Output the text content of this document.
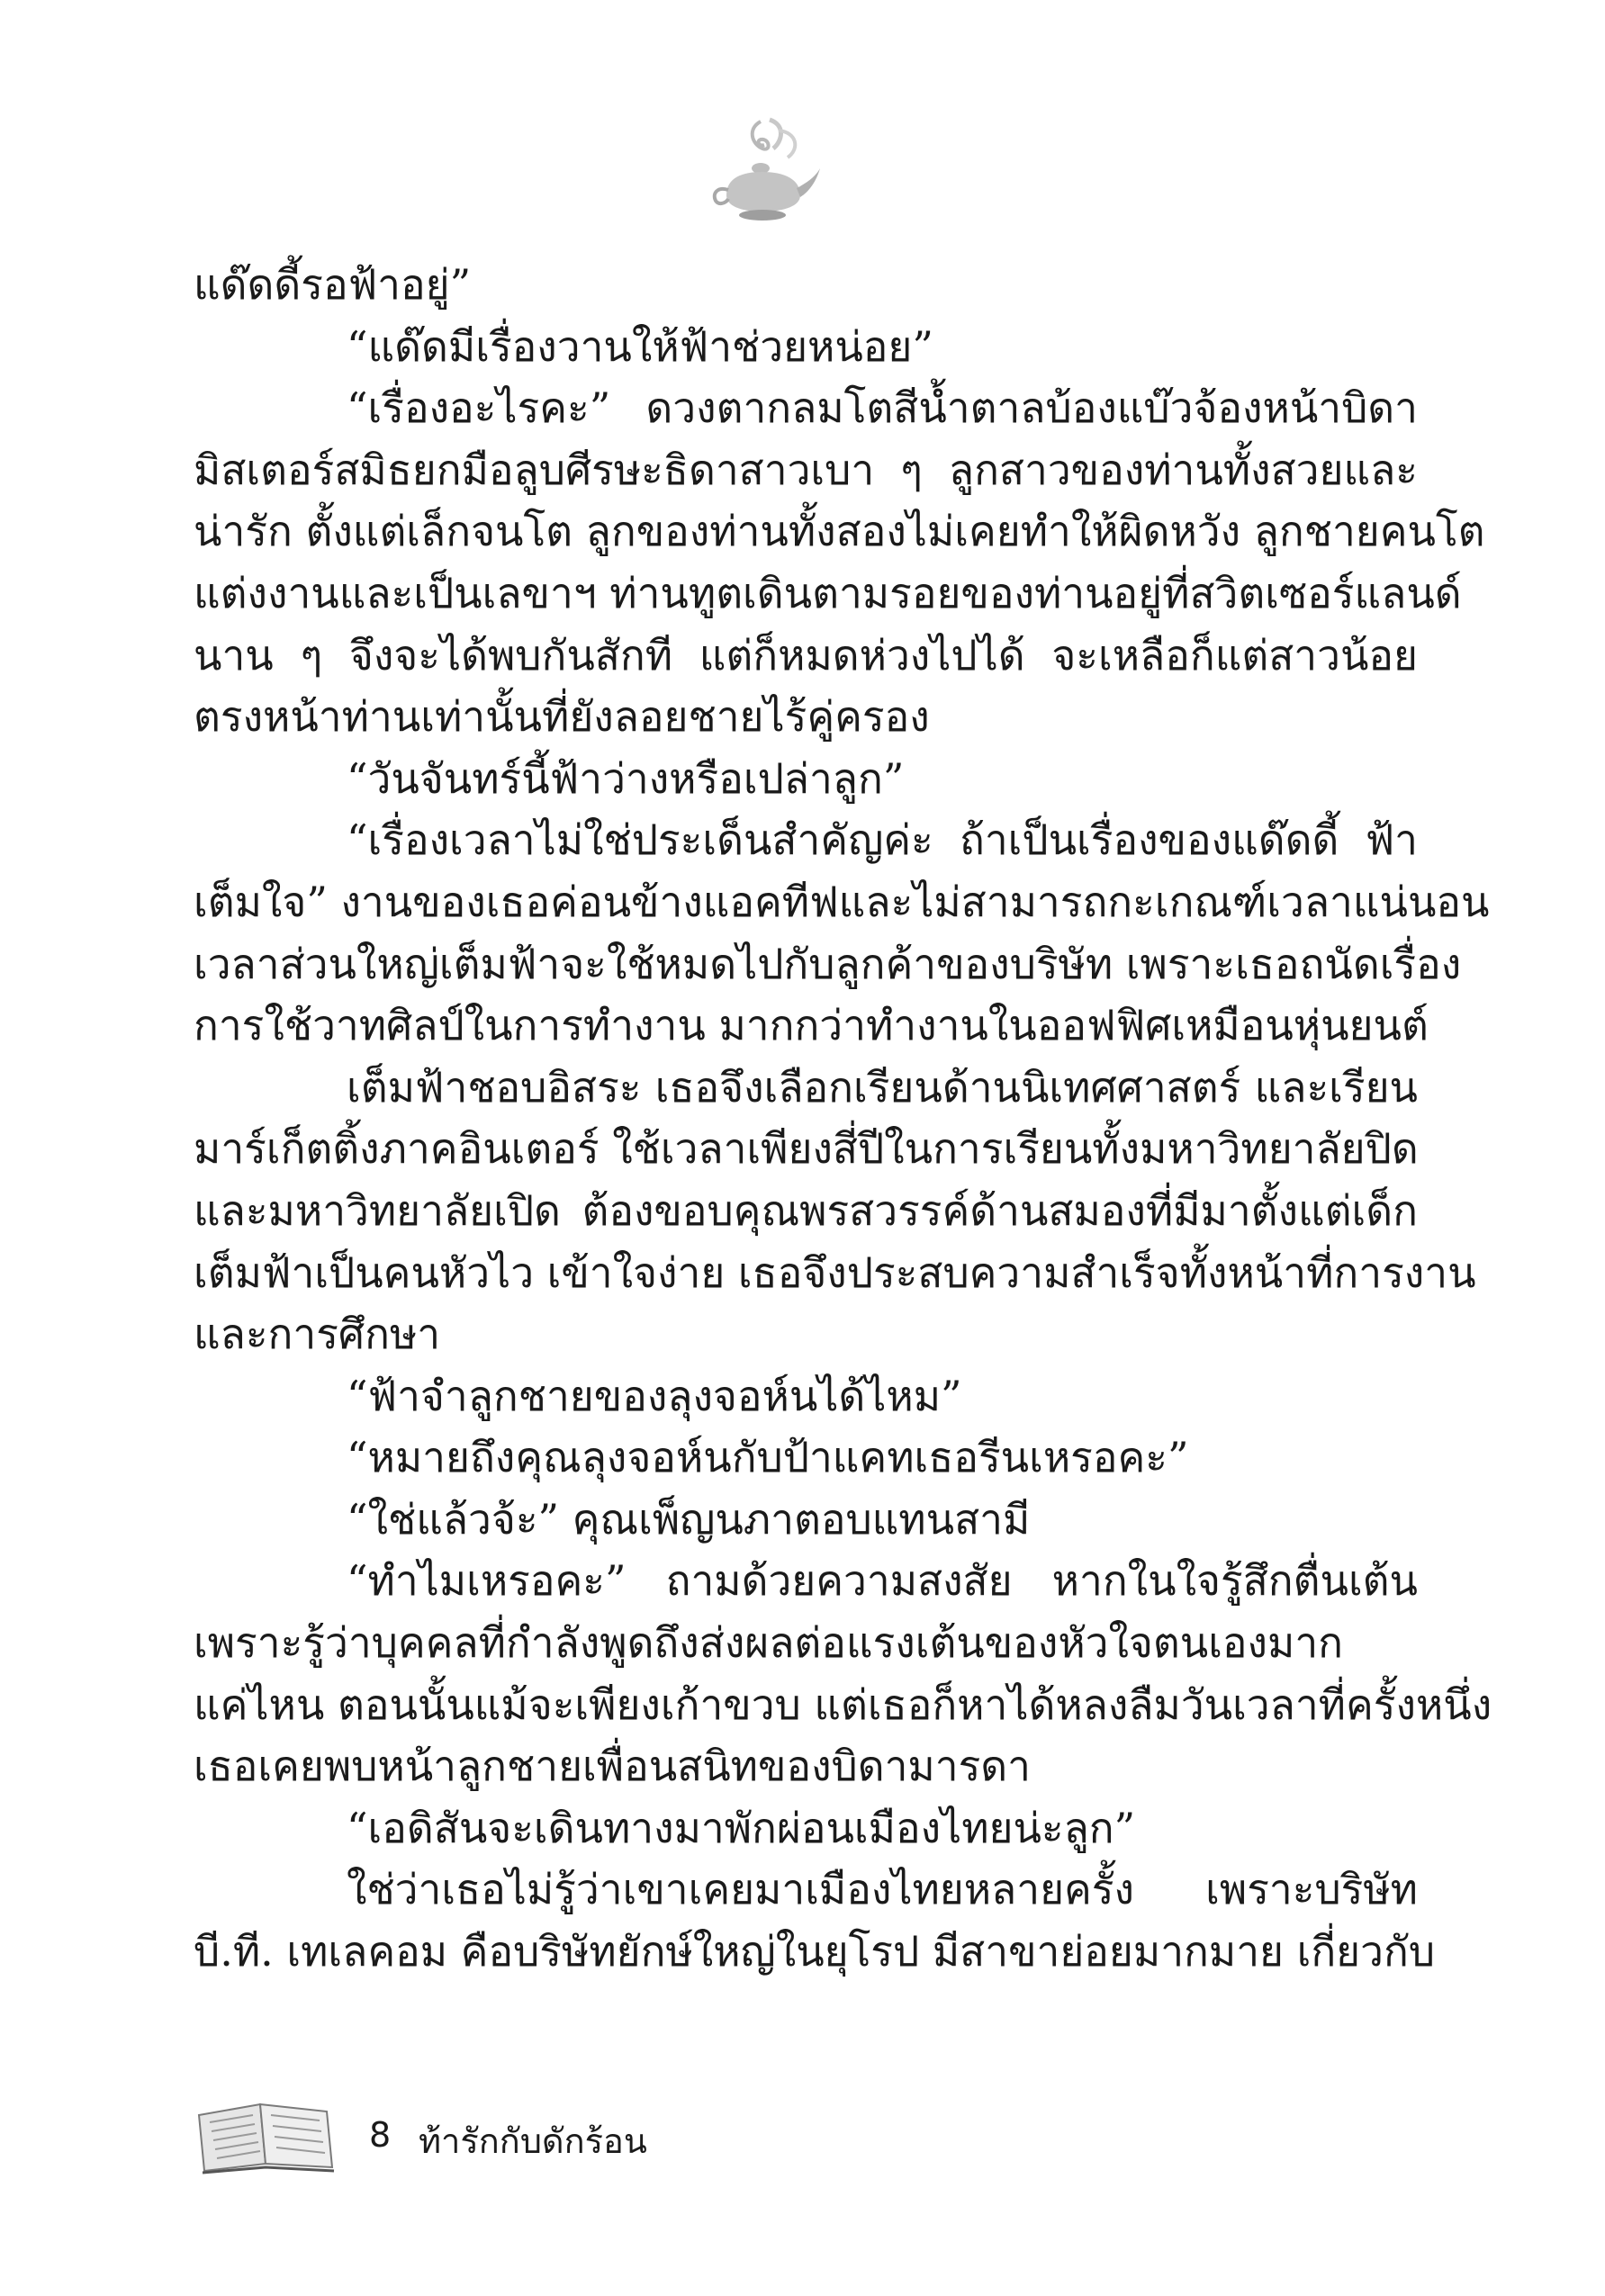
แด๊ดดี้รอฟ้าอยู่”
“แด๊ดมีเรื่องวานให้ฟ้าช่วยหน่อย”
“เรื่องอะไรคะ” ดวงตากลมโตสีน้ำตาลบ้องแบ๊วจ้องหน้าบิดา
มิสเตอร์สมิธยกมือลูบศีรษะธิดาสาวเบา ๆ ลูกสาวของท่านทั้งสวยและ
น่ารัก ตั้งแต่เล็กจนโต ลูกของท่านทั้งสองไม่เคยทำให้ผิดหวัง ลูกชายคนโต
แต่งงานและเป็นเลขาฯ ท่านทูตเดินตามรอยของท่านอยู่ที่สวิตเซอร์แลนด์
นาน ๆ จึงจะได้พบกันสักที แต่ก็หมดห่วงไปได้ จะเหลือก็แต่สาวน้อย
ตรงหน้าท่านเท่านั้นที่ยังลอยชายไร้คู่ครอง
“วันจันทร์นี้ฟ้าว่างหรือเปล่าลูก”
“เรื่องเวลาไม่ใช่ประเด็นสำคัญค่ะ ถ้าเป็นเรื่องของแด๊ดดี้ ฟ้า
เต็มใจ” งานของเธอค่อนข้างแอคทีฟและไม่สามารถกะเกณฑ์เวลาแน่นอน
เวลาส่วนใหญ่เต็มฟ้าจะใช้หมดไปกับลูกค้าของบริษัท เพราะเธอถนัดเรื่อง
การใช้วาทศิลป์ในการทำงาน มากกว่าทำงานในออฟฟิศเหมือนหุ่นยนต์
เต็มฟ้าชอบอิสระ เธอจึงเลือกเรียนด้านนิเทศศาสตร์ และเรียน
มาร์เก็ตติ้งภาคอินเตอร์ ใช้เวลาเพียงสี่ปีในการเรียนทั้งมหาวิทยาลัยปิด
และมหาวิทยาลัยเปิด ต้องขอบคุณพรสวรรค์ด้านสมองที่มีมาตั้งแต่เด็ก
เต็มฟ้าเป็นคนหัวไว เข้าใจง่าย เธอจึงประสบความสำเร็จทั้งหน้าที่การงาน
และการศึกษา
“ฟ้าจำลูกชายของลุงจอห์นได้ไหม”
“หมายถึงคุณลุงจอห์นกับป้าแคทเธอรีนเหรอคะ”
“ใช่แล้วจ้ะ” คุณเพ็ญนภาตอบแทนสามี
“ทำไมเหรอคะ” ถามด้วยความสงสัย หากในใจรู้สึกตื่นเต้น
เพราะรู้ว่าบุคคลที่กำลังพูดถึงส่งผลต่อแรงเต้นของหัวใจตนเองมาก
แค่ไหน ตอนนั้นแม้จะเพียงเก้าขวบ แต่เธอก็หาได้หลงลืมวันเวลาที่ครั้งหนึ่ง
เธอเคยพบหน้าลูกชายเพื่อนสนิทของบิดามารดา
“เอดิสันจะเดินทางมาพักผ่อนเมืองไทยน่ะลูก”
ใช่ว่าเธอไม่รู้ว่าเขาเคยมาเมืองไทยหลายครั้ง เพราะบริษัท
บี.ที. เทเลคอม คือบริษัทยักษ์ใหญ่ในยุโรป มีสาขาย่อยมากมาย เกี่ยวกับ
8 ท้ารักกับดักร้อน
